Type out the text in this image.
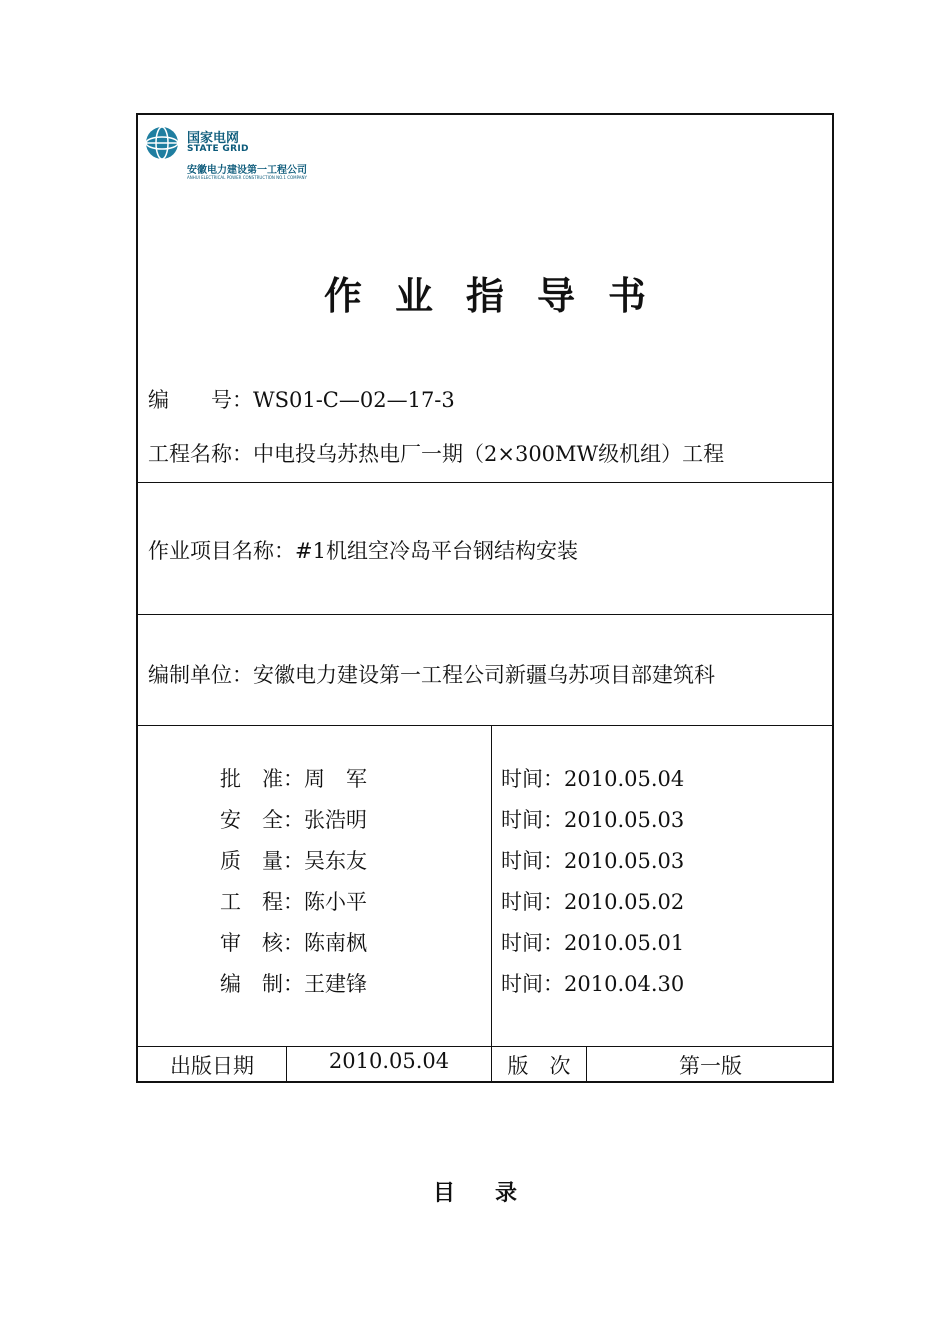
国家电网
STATE GRID
安徽电力建设第一工程公司
ANHUI ELECTRICAL POWER CONSTRUCTION NO.1 COMPANY
作业指导书
编　　号：WS01-C—02—17-3
工程名称：中电投乌苏热电厂一期（2×300MW级机组）工程
作业项目名称：#1机组空冷岛平台钢结构安装
编制单位：安徽电力建设第一工程公司新疆乌苏项目部建筑科
批　准：周　军	时间：2010.05.04
安　全：张浩明	时间：2010.05.03
质　量：吴东友	时间：2010.05.03
工　程：陈小平	时间：2010.05.02
审　核：陈南枫	时间：2010.05.01
编　制：王建锋	时间：2010.04.30
出版日期	2010.05.04	版　次	第一版
目录
